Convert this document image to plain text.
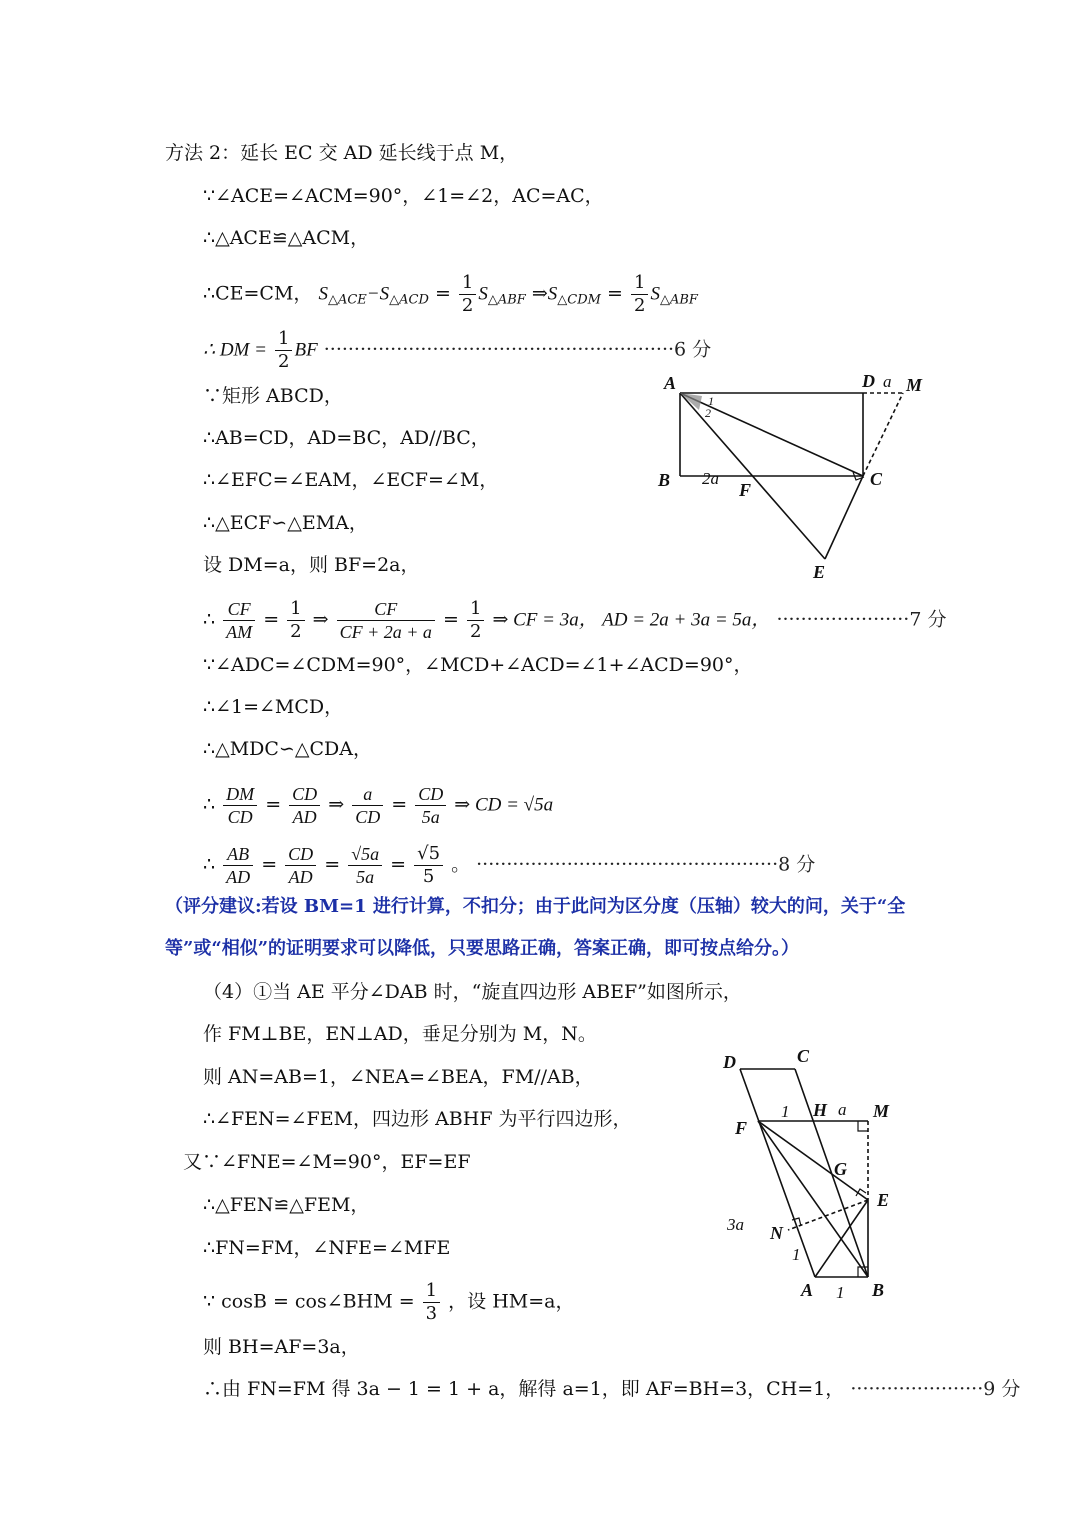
方法 2：延长 EC 交 AD 延长线于点 M，
∵∠ACE=∠ACM=90°，∠1=∠2，AC=AC，
∴△ACE≌△ACM，
∴CE=CM， $S_{\triangle ACE}-S_{\triangle ACD} = \frac{1}{2} S_{\triangle ABF}$ $\Rightarrow S_{\triangle CDM} = \frac{1}{2} S_{\triangle ABF}$
∴ DM = $\frac{1}{2}$ BF ··························································6 分
∵矩形 ABCD，
∴AB=CD，AD=BC，AD//BC，
∴∠EFC=∠EAM，∠ECF=∠M，
∴△ECF∽△EMA，
设 DM=a，则 BF=2a，
∴ $\frac{CF}{AM} = \frac{1}{2}$ ⇒ $\frac{CF}{CF + 2a + a} = \frac{1}{2}$ ⇒ CF = 3a， AD = 2a + 3a = 5a， ······················7 分
∵∠ADC=∠CDM=90°，∠MCD+∠ACD=∠1+∠ACD=90°，
∴∠1=∠MCD，
∴△MDC∽△CDA，
∴ $\frac{DM}{CD} = \frac{CD}{AD}$ ⇒ $\frac{a}{CD} = \frac{CD}{5a}$ ⇒ CD = √5a
∴ $\frac{AB}{AD} = \frac{CD}{AD} = \frac{√5a}{5a} = \frac{√5}{5}$ 。 ··················································8 分
（评分建议:若设 BM=1 进行计算，不扣分；由于此问为区分度（压轴）较大的问，关于“全
等”或“相似”的证明要求可以降低，只要思路正确，答案正确，即可按点给分。）
（4）①当 AE 平分∠DAB 时，“旋直四边形 ABEF”如图所示，
作 FM⊥BE，EN⊥AD，垂足分别为 M，N。
则 AN=AB=1，∠NEA=∠BEA，FM//AB，
∴∠FEN=∠FEM，四边形 ABHF 为平行四边形，
又∵∠FNE=∠M=90°，EF=EF
∴△FEN≌△FEM，
∴FN=FM，∠NFE=∠MFE
∵ cosB = cos∠BHM = $\frac{1}{3}$ ，设 HM=a，
则 BH=AF=3a，
∴由 FN=FM 得 3a − 1 = 1 + a，解得 a=1，即 AF=BH=3，CH=1， ······················9 分
A	D a M
1
2
B 2a	C
F
E
D	C
1 H a M
F
G
E
3a N
1
A 1 B
